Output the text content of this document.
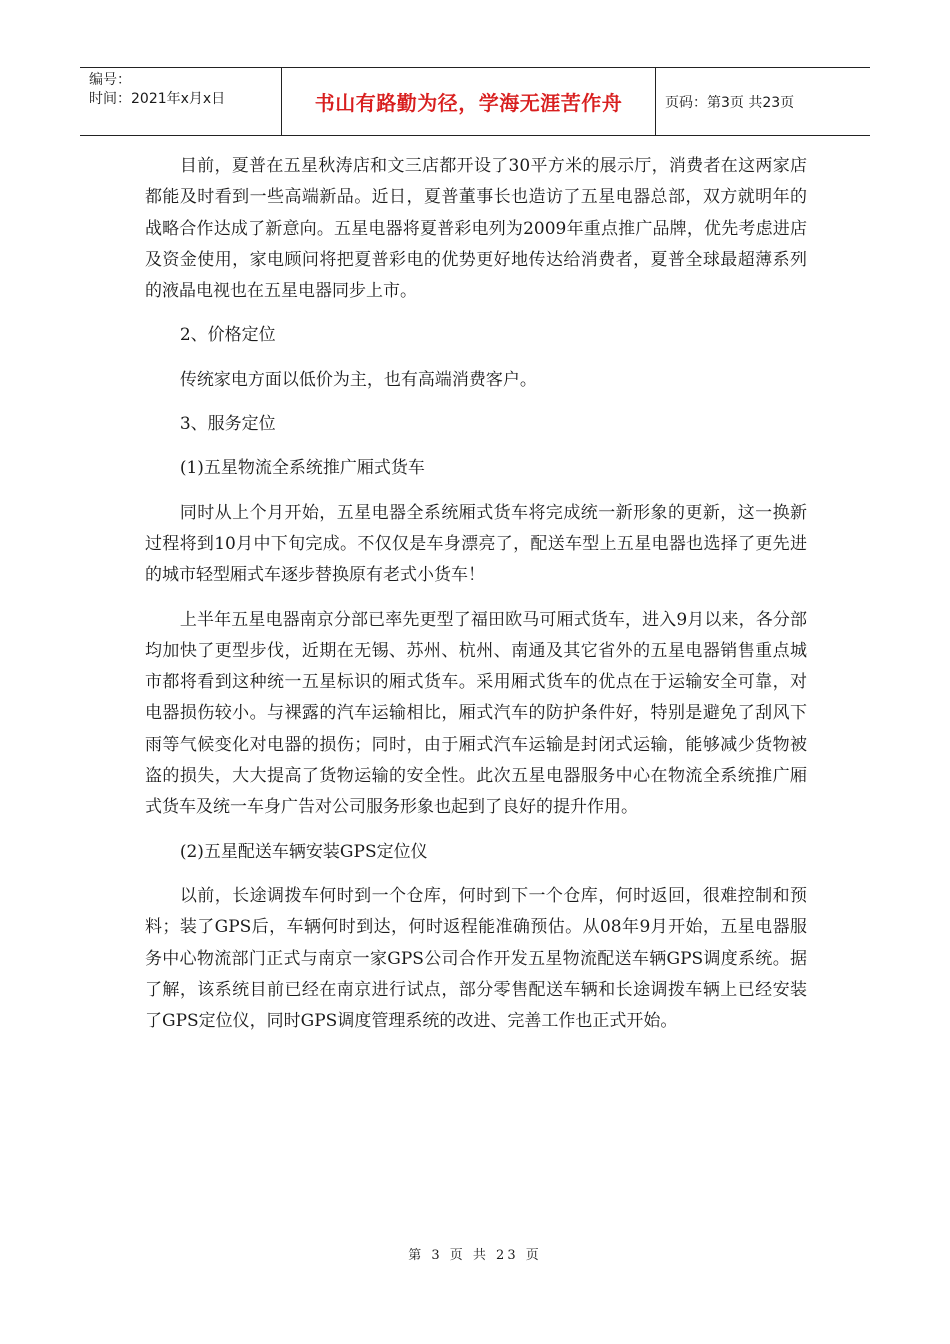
编号：
时间：2021年x月x日	书山有路勤为径，学海无涯苦作舟	页码：第3页 共23页

目前，夏普在五星秋涛店和文三店都开设了30平方米的展示厅，消费者在这两家店都能及时看到一些高端新品。近日，夏普董事长也造访了五星电器总部，双方就明年的战略合作达成了新意向。五星电器将夏普彩电列为2009年重点推广品牌，优先考虑进店及资金使用，家电顾问将把夏普彩电的优势更好地传达给消费者，夏普全球最超薄系列的液晶电视也在五星电器同步上市。

2、价格定位

传统家电方面以低价为主，也有高端消费客户。

3、服务定位

(1)五星物流全系统推广厢式货车

同时从上个月开始，五星电器全系统厢式货车将完成统一新形象的更新，这一换新过程将到10月中下旬完成。不仅仅是车身漂亮了，配送车型上五星电器也选择了更先进的城市轻型厢式车逐步替换原有老式小货车！

上半年五星电器南京分部已率先更型了福田欧马可厢式货车，进入9月以来，各分部均加快了更型步伐，近期在无锡、苏州、杭州、南通及其它省外的五星电器销售重点城市都将看到这种统一五星标识的厢式货车。采用厢式货车的优点在于运输安全可靠，对电器损伤较小。与裸露的汽车运输相比，厢式汽车的防护条件好，特别是避免了刮风下雨等气候变化对电器的损伤；同时，由于厢式汽车运输是封闭式运输，能够减少货物被盗的损失，大大提高了货物运输的安全性。此次五星电器服务中心在物流全系统推广厢式货车及统一车身广告对公司服务形象也起到了良好的提升作用。

(2)五星配送车辆安装GPS定位仪

以前，长途调拨车何时到一个仓库，何时到下一个仓库，何时返回，很难控制和预料；装了GPS后，车辆何时到达，何时返程能准确预估。从08年9月开始，五星电器服务中心物流部门正式与南京一家GPS公司合作开发五星物流配送车辆GPS调度系统。据了解，该系统目前已经在南京进行试点，部分零售配送车辆和长途调拨车辆上已经安装了GPS定位仪，同时GPS调度管理系统的改进、完善工作也正式开始。

第 3 页 共 23 页
